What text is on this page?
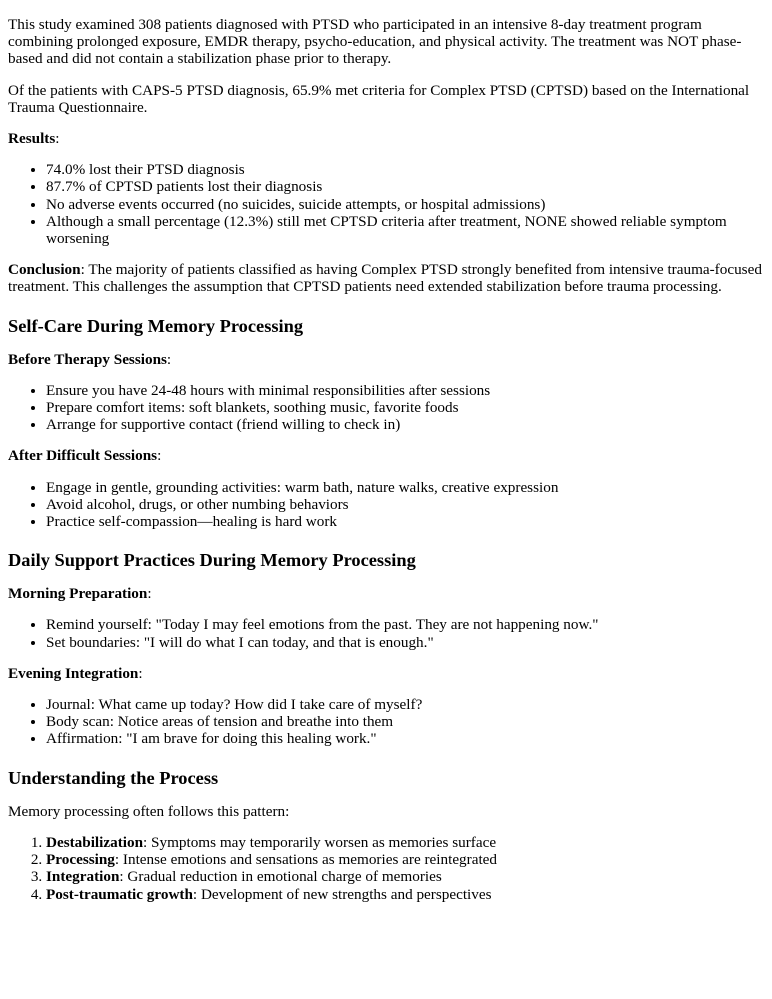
This study examined 308 patients diagnosed with PTSD who participated in an intensive 8-day treatment program combining prolonged exposure, EMDR therapy, psycho-education, and physical activity. The treatment was NOT phase-based and did not contain a stabilization phase prior to therapy.

Of the patients with CAPS-5 PTSD diagnosis, 65.9% met criteria for Complex PTSD (CPTSD) based on the International Trauma Questionnaire.

Results:

• 74.0% lost their PTSD diagnosis
• 87.7% of CPTSD patients lost their diagnosis
• No adverse events occurred (no suicides, suicide attempts, or hospital admissions)
• Although a small percentage (12.3%) still met CPTSD criteria after treatment, NONE showed reliable symptom worsening

Conclusion: The majority of patients classified as having Complex PTSD strongly benefited from intensive trauma-focused treatment. This challenges the assumption that CPTSD patients need extended stabilization before trauma processing.

Self-Care During Memory Processing

Before Therapy Sessions:

• Ensure you have 24-48 hours with minimal responsibilities after sessions
• Prepare comfort items: soft blankets, soothing music, favorite foods
• Arrange for supportive contact (friend willing to check in)

After Difficult Sessions:

• Engage in gentle, grounding activities: warm bath, nature walks, creative expression
• Avoid alcohol, drugs, or other numbing behaviors
• Practice self-compassion—healing is hard work
Daily Support Practices During Memory Processing

Morning Preparation:

• Remind yourself: "Today I may feel emotions from the past. They are not happening now."
• Set boundaries: "I will do what I can today, and that is enough."

Evening Integration:

• Journal: What came up today? How did I take care of myself?
• Body scan: Notice areas of tension and breathe into them
• Affirmation: "I am brave for doing this healing work."
Understanding the Process

Memory processing often follows this pattern:

1. Destabilization: Symptoms may temporarily worsen as memories surface
2. Processing: Intense emotions and sensations as memories are reintegrated
3. Integration: Gradual reduction in emotional charge of memories
4. Post-traumatic growth: Development of new strengths and perspectives
